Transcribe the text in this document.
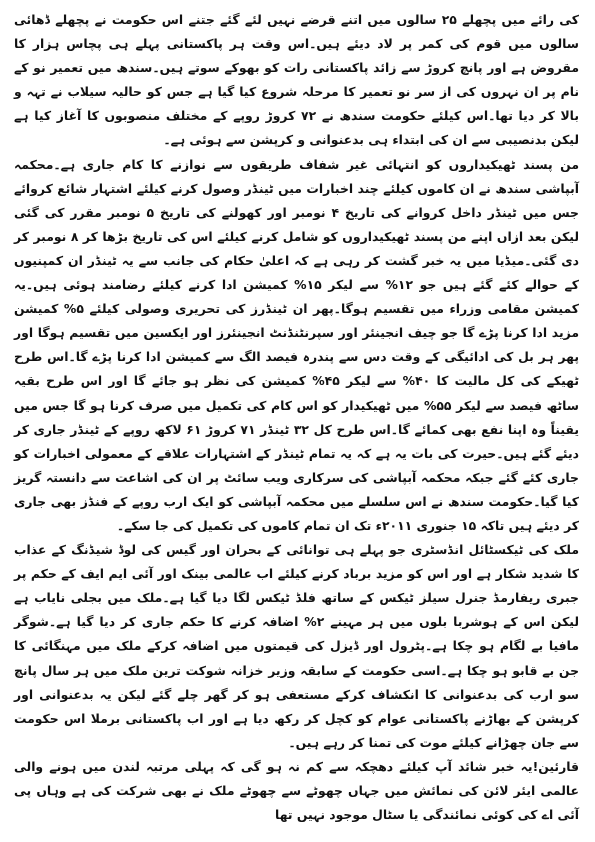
کی رائے میں پچھلے ۲۵ سالوں میں اتنے قرضے نہیں لئے گئے جتنے اس حکومت نے پچھلے ڈھائی سالوں میں قوم کی کمر پر لاد دیئے ہیں۔اس وقت ہر پاکستانی پہلے ہی پچاس ہزار کا مقروض ہے اور پانچ کروڑ سے زائد پاکستانی رات کو بھوکے سوتے ہیں۔سندھ میں تعمیر نو کے نام پر ان نہروں کی از سر نو تعمیر کا مرحلہ شروع کیا گیا ہے جس کو حالیہ سیلاب نے تہہ و بالا کر دیا تھا۔اس کیلئے حکومت سندھ نے ۷۲ کروڑ روپے کے مختلف منصوبوں کا آغاز کیا ہے لیکن بدنصیبی سے ان کی ابتداء ہی بدعنوانی و کرپشن سے ہوئی ہے۔

من پسند ٹھیکیداروں کو انتہائی غیر شفاف طریقوں سے نوازنے کا کام جاری ہے۔محکمہ آبپاشی سندھ نے ان کاموں کیلئے چند اخبارات میں ٹینڈر وصول کرنے کیلئے اشتہار شائع کروائے جس میں ٹینڈر داخل کروانے کی تاریخ ۴ نومبر اور کھولنے کی تاریخ ۵ نومبر مقرر کی گئی لیکن بعد ازاں اپنے من پسند ٹھیکیداروں کو شامل کرنے کیلئے اس کی تاریخ بڑھا کر ۸ نومبر کر دی گئی۔میڈیا میں یہ خبر گشت کر رہی ہے کہ اعلیٰ حکام کی جانب سے یہ ٹینڈر ان کمپنیوں کے حوالے کئے گئے ہیں جو ۱۲% سے لیکر ۱۵% کمیشن ادا کرنے کیلئے رضامند ہوئی ہیں۔یہ کمیشن مقامی وزراء میں تقسیم ہوگا۔پھر ان ٹینڈرز کی تحریری وصولی کیلئے ۵% کمیشن مزید ادا کرنا پڑے گا جو چیف انجینئر اور سپرنٹنڈنٹ انجینئرز اور ایکسین میں تقسیم ہوگا اور پھر ہر بل کی ادائیگی کے وقت دس سے پندرہ فیصد الگ سے کمیشن ادا کرنا پڑے گا۔اس طرح ٹھیکے کی کل مالیت کا ۴۰% سے لیکر ۴۵% کمیشن کی نظر ہو جائے گا اور اس طرح بقیہ ساٹھ فیصد سے لیکر ۵۵% میں ٹھیکیدار کو اس کام کی تکمیل میں صرف کرنا ہو گا جس میں یقیناً وہ اپنا نفع بھی کمائے گا۔اس طرح کل ۳۲ ٹینڈر ۷۱ کروڑ ۶۱ لاکھ روپے کے ٹینڈر جاری کر دیئے گئے ہیں۔حیرت کی بات یہ ہے کہ یہ تمام ٹینڈر کے اشتہارات علاقے کے معمولی اخبارات کو جاری کئے گئے جبکہ محکمہ آبپاشی کی سرکاری ویب سائٹ پر ان کی اشاعت سے دانستہ گریز کیا گیا۔حکومت سندھ نے اس سلسلے میں محکمہ آبپاشی کو ایک ارب روپے کے فنڈز بھی جاری کر دیئے ہیں تاکہ ۱۵ جنوری ۲۰۱۱ء تک ان تمام کاموں کی تکمیل کی جا سکے۔

ملک کی ٹیکسٹائل انڈسٹری جو پہلے ہی توانائی کے بحران اور گیس کی لوڈ شیڈنگ کے عذاب کا شدید شکار ہے اور اس کو مزید برباد کرنے کیلئے اب عالمی بینک اور آئی ایم ایف کے حکم پر جبری ریفارمڈ جنرل سیلز ٹیکس کے ساتھ فلڈ ٹیکس لگا دیا گیا ہے۔ملک میں بجلی نایاب ہے لیکن اس کے ہوشربا بلوں میں ہر مہینے ۲% اضافہ کرنے کا حکم جاری کر دیا گیا ہے۔شوگر مافیا بے لگام ہو چکا ہے۔پٹرول اور ڈیزل کی قیمتوں میں اضافہ کرکے ملک میں مہنگائی کا جن بے قابو ہو چکا ہے۔اسی حکومت کے سابقہ وزیر خزانہ شوکت ترین ملک میں ہر سال پانچ سو ارب کی بدعنوانی کا انکشاف کرکے مستعفی ہو کر گھر چلے گئے لیکن یہ بدعنوانی اور کرپشن کے بھاڑنے پاکستانی عوام کو کچل کر رکھ دیا ہے اور اب پاکستانی برملا اس حکومت سے جان چھڑانے کیلئے موت کی تمنا کر رہے ہیں۔

قارئین!یہ خبر شائد آپ کیلئے دھچکہ سے کم نہ ہو گی کہ پہلی مرتبہ لندن میں ہونے والی عالمی ایئر لائن کی نمائش میں جہاں چھوٹے سے چھوٹے ملک نے بھی شرکت کی ہے وہاں پی آئی اے کی کوئی نمائندگی یا سٹال موجود نہیں تھا
